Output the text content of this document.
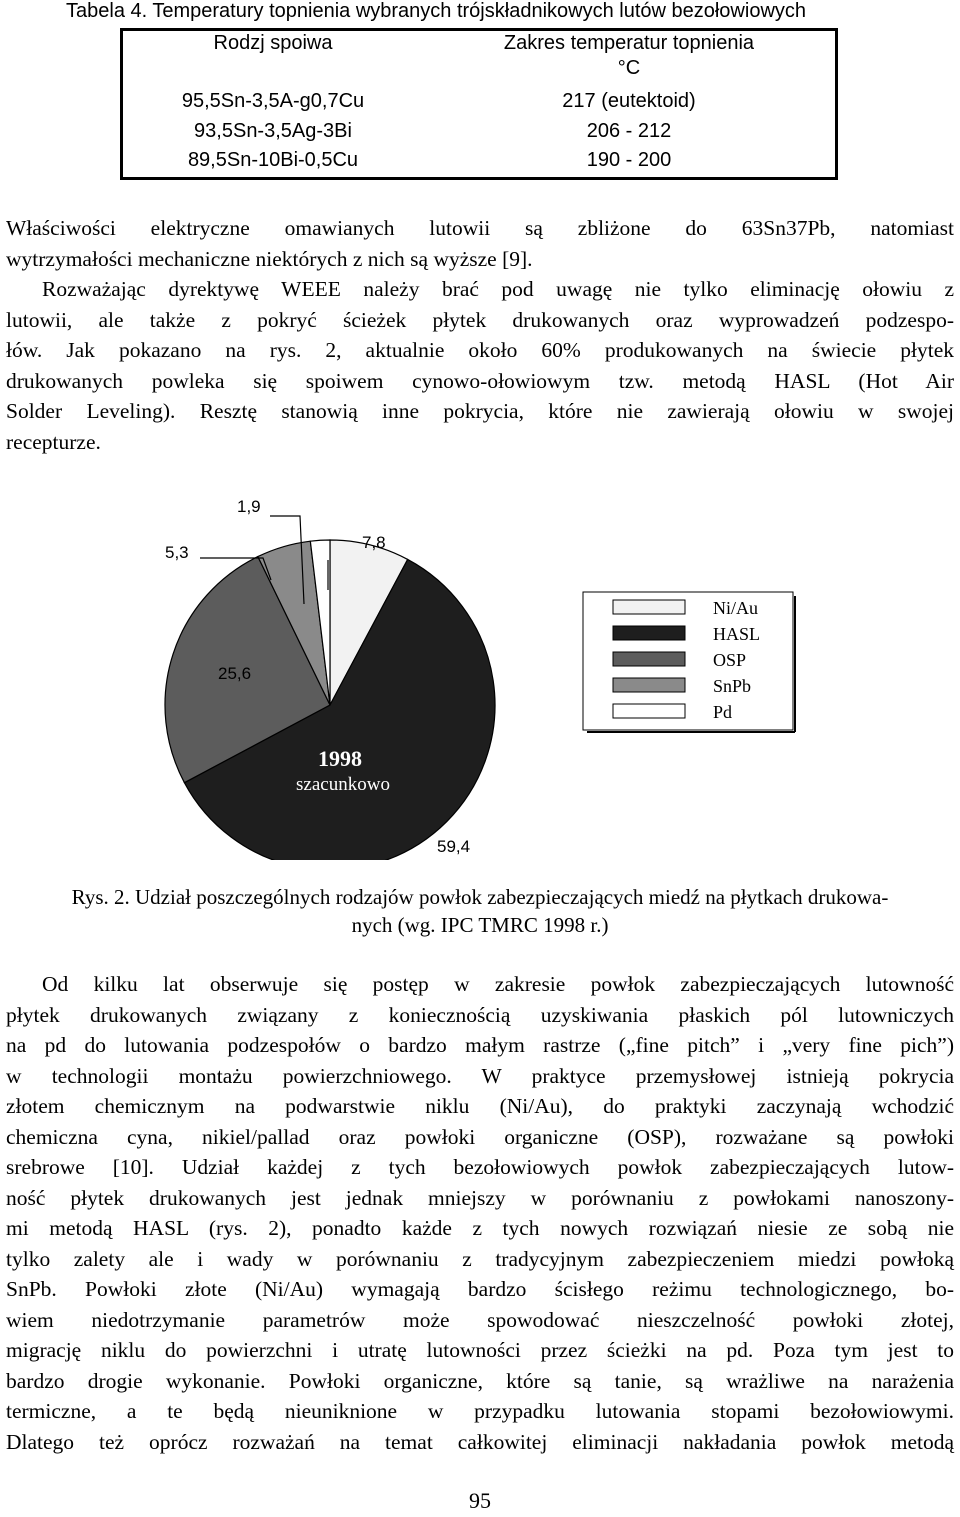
Tabela 4. Temperatury topnienia wybranych trójskładnikowych lutów bezołowiowych
Rodzj spoiwa	Zakres temperatur topnienia
°C
95,5Sn-3,5A-g0,7Cu	217 (eutektoid)
93,5Sn-3,5Ag-3Bi	206 - 212
89,5Sn-10Bi-0,5Cu	190 - 200
Właściwości elektryczne omawianych lutowii są zbliżone do 63Sn37Pb, natomiast
wytrzymałości mechaniczne niektórych z nich są wyższe [9].
Rozważając dyrektywę WEEE należy brać pod uwagę nie tylko eliminację ołowiu z
lutowii, ale także z pokryć ścieżek płytek drukowanych oraz wyprowadzeń podzespo-
łów. Jak pokazano na rys. 2, aktualnie około 60% produkowanych na świecie płytek
drukowanych powleka się spoiwem cynowo-ołowiowym tzw. metodą HASL (Hot Air
Solder Leveling). Resztę stanowią inne pokrycia, które nie zawierają ołowiu w swojej
recepturze.
1,9
5,3
7,8
25,6
59,4
1998
szacunkowo
Ni/Au
HASL
OSP
SnPb
Pd
Rys. 2. Udział poszczególnych rodzajów powłok zabezpieczających miedź na płytkach drukowa-
nych (wg. IPC TMRC 1998 r.)
Od kilku lat obserwuje się postęp w zakresie powłok zabezpieczających lutowność
płytek drukowanych związany z koniecznością uzyskiwania płaskich pól lutowniczych
na pd do lutowania podzespołów o bardzo małym rastrze („fine pitch” i „very fine pich”)
w technologii montażu powierzchniowego. W praktyce przemysłowej istnieją pokrycia
złotem chemicznym na podwarstwie niklu (Ni/Au), do praktyki zaczynają wchodzić
chemiczna cyna, nikiel/pallad oraz powłoki organiczne (OSP), rozważane są powłoki
srebrowe [10]. Udział każdej z tych bezołowiowych powłok zabezpieczających lutow-
ność płytek drukowanych jest jednak mniejszy w porównaniu z powłokami nanoszony-
mi metodą HASL (rys. 2), ponadto każde z tych nowych rozwiązań niesie ze sobą nie
tylko zalety ale i wady w porównaniu z tradycyjnym zabezpieczeniem miedzi powłoką
SnPb. Powłoki złote (Ni/Au) wymagają bardzo ścisłego reżimu technologicznego, bo-
wiem niedotrzymanie parametrów może spowodować nieszczelność powłoki złotej,
migrację niklu do powierzchni i utratę lutowności przez ścieżki na pd. Poza tym jest to
bardzo drogie wykonanie. Powłoki organiczne, które są tanie, są wrażliwe na narażenia
termiczne, a te będą nieuniknione w przypadku lutowania stopami bezołowiowymi.
Dlatego też oprócz rozważań na temat całkowitej eliminacji nakładania powłok metodą
95
